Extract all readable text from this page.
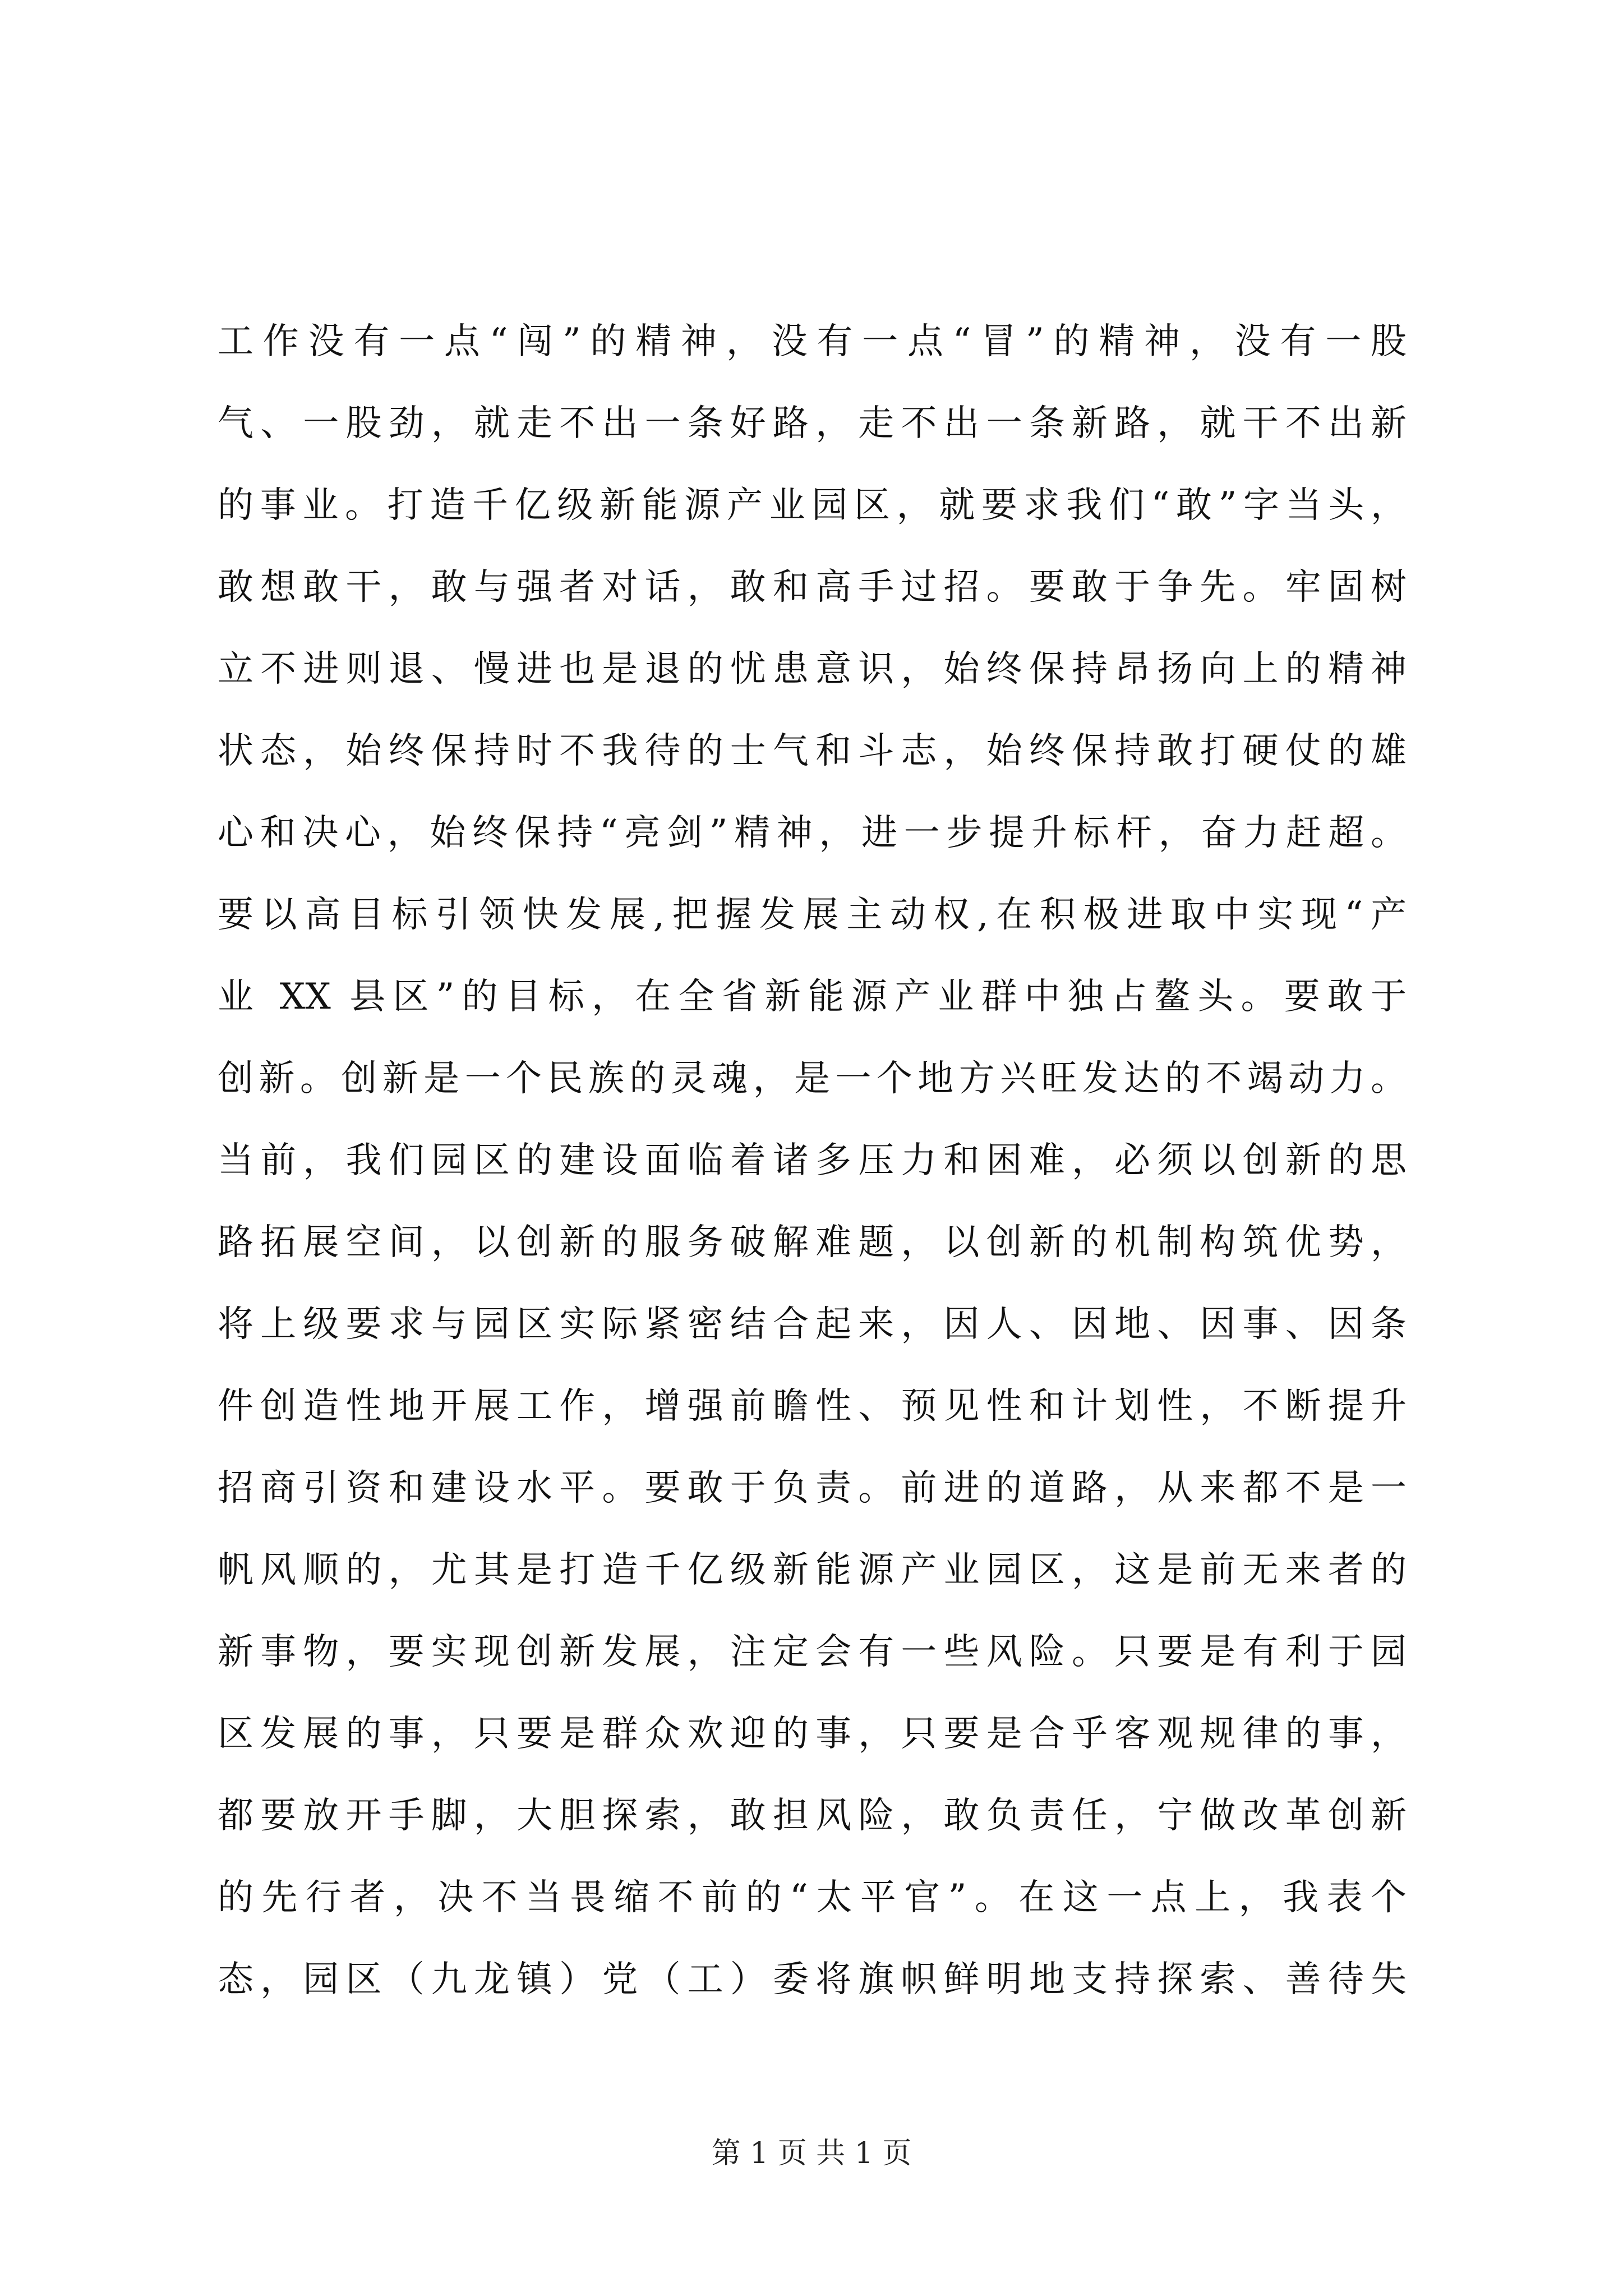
工作没有一点“闯”的精神，没有一点“冒”的精神，没有一股
气、一股劲，就走不出一条好路，走不出一条新路，就干不出新
的事业。打造千亿级新能源产业园区，就要求我们“敢”字当头，
敢想敢干，敢与强者对话，敢和高手过招。要敢于争先。牢固树
立不进则退、慢进也是退的忧患意识，始终保持昂扬向上的精神
状态，始终保持时不我待的士气和斗志，始终保持敢打硬仗的雄
心和决心，始终保持“亮剑”精神，进一步提升标杆，奋力赶超。
要以高目标引领快发展,把握发展主动权,在积极进取中实现“产
业 XX 县区”的目标，在全省新能源产业群中独占鳌头。要敢于
创新。创新是一个民族的灵魂，是一个地方兴旺发达的不竭动力。
当前，我们园区的建设面临着诸多压力和困难，必须以创新的思
路拓展空间，以创新的服务破解难题，以创新的机制构筑优势，
将上级要求与园区实际紧密结合起来，因人、因地、因事、因条
件创造性地开展工作，增强前瞻性、预见性和计划性，不断提升
招商引资和建设水平。要敢于负责。前进的道路，从来都不是一
帆风顺的，尤其是打造千亿级新能源产业园区，这是前无来者的
新事物，要实现创新发展，注定会有一些风险。只要是有利于园
区发展的事，只要是群众欢迎的事，只要是合乎客观规律的事，
都要放开手脚，大胆探索，敢担风险，敢负责任，宁做改革创新
的先行者，决不当畏缩不前的“太平官”。在这一点上，我表个
态，园区（九龙镇）党（工）委将旗帜鲜明地支持探索、善待失
第 1 页 共 1 页
